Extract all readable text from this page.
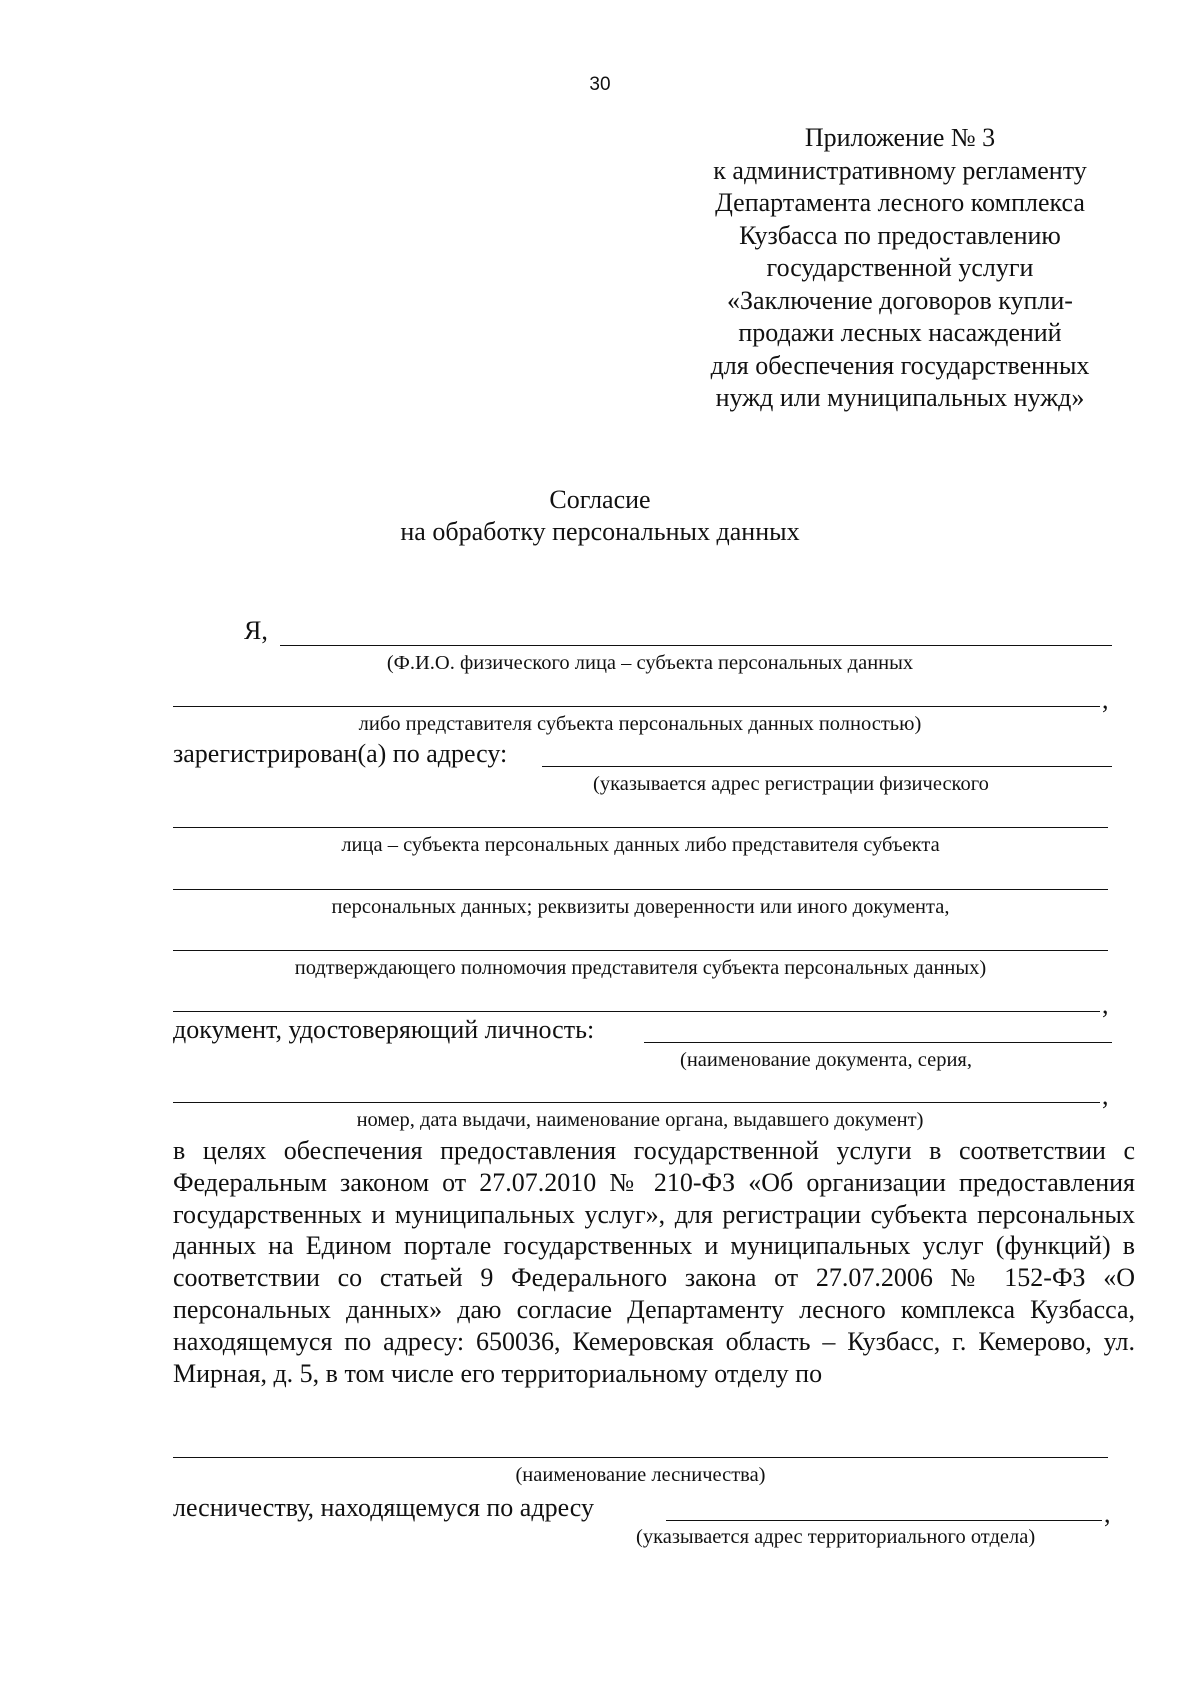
30
Приложение № 3
к административному регламенту
Департамента лесного комплекса
Кузбасса по предоставлению
государственной услуги
«Заключение договоров купли-
продажи лесных насаждений
для обеспечения государственных
нужд или муниципальных нужд»
Согласие
на обработку персональных данных
Я,
(Ф.И.О. физического лица – субъекта персональных данных
,
либо представителя субъекта персональных данных полностью)
зарегистрирован(а) по адресу:
(указывается адрес регистрации физического
лица – субъекта персональных данных либо представителя субъекта
персональных данных; реквизиты доверенности или иного документа,
подтверждающего полномочия представителя субъекта персональных данных)
,
документ, удостоверяющий личность:
(наименование документа, серия,
,
номер, дата выдачи, наименование органа, выдавшего документ)
в целях обеспечения предоставления государственной услуги в соответствии с Федеральным законом от 27.07.2010 № 210-ФЗ «Об организации предоставления государственных и муниципальных услуг», для регистрации субъекта персональных данных на Едином портале государственных и муниципальных услуг (функций) в соответствии со статьей 9 Федерального закона от 27.07.2006 № 152-ФЗ «О персональных данных» даю согласие Департаменту лесного комплекса Кузбасса, находящемуся по адресу: 650036, Кемеровская область – Кузбасс, г. Кемерово, ул. Мирная, д. 5, в том числе его территориальному отделу по
(наименование лесничества)
лесничеству, находящемуся по адресу	,
(указывается адрес территориального отдела)
